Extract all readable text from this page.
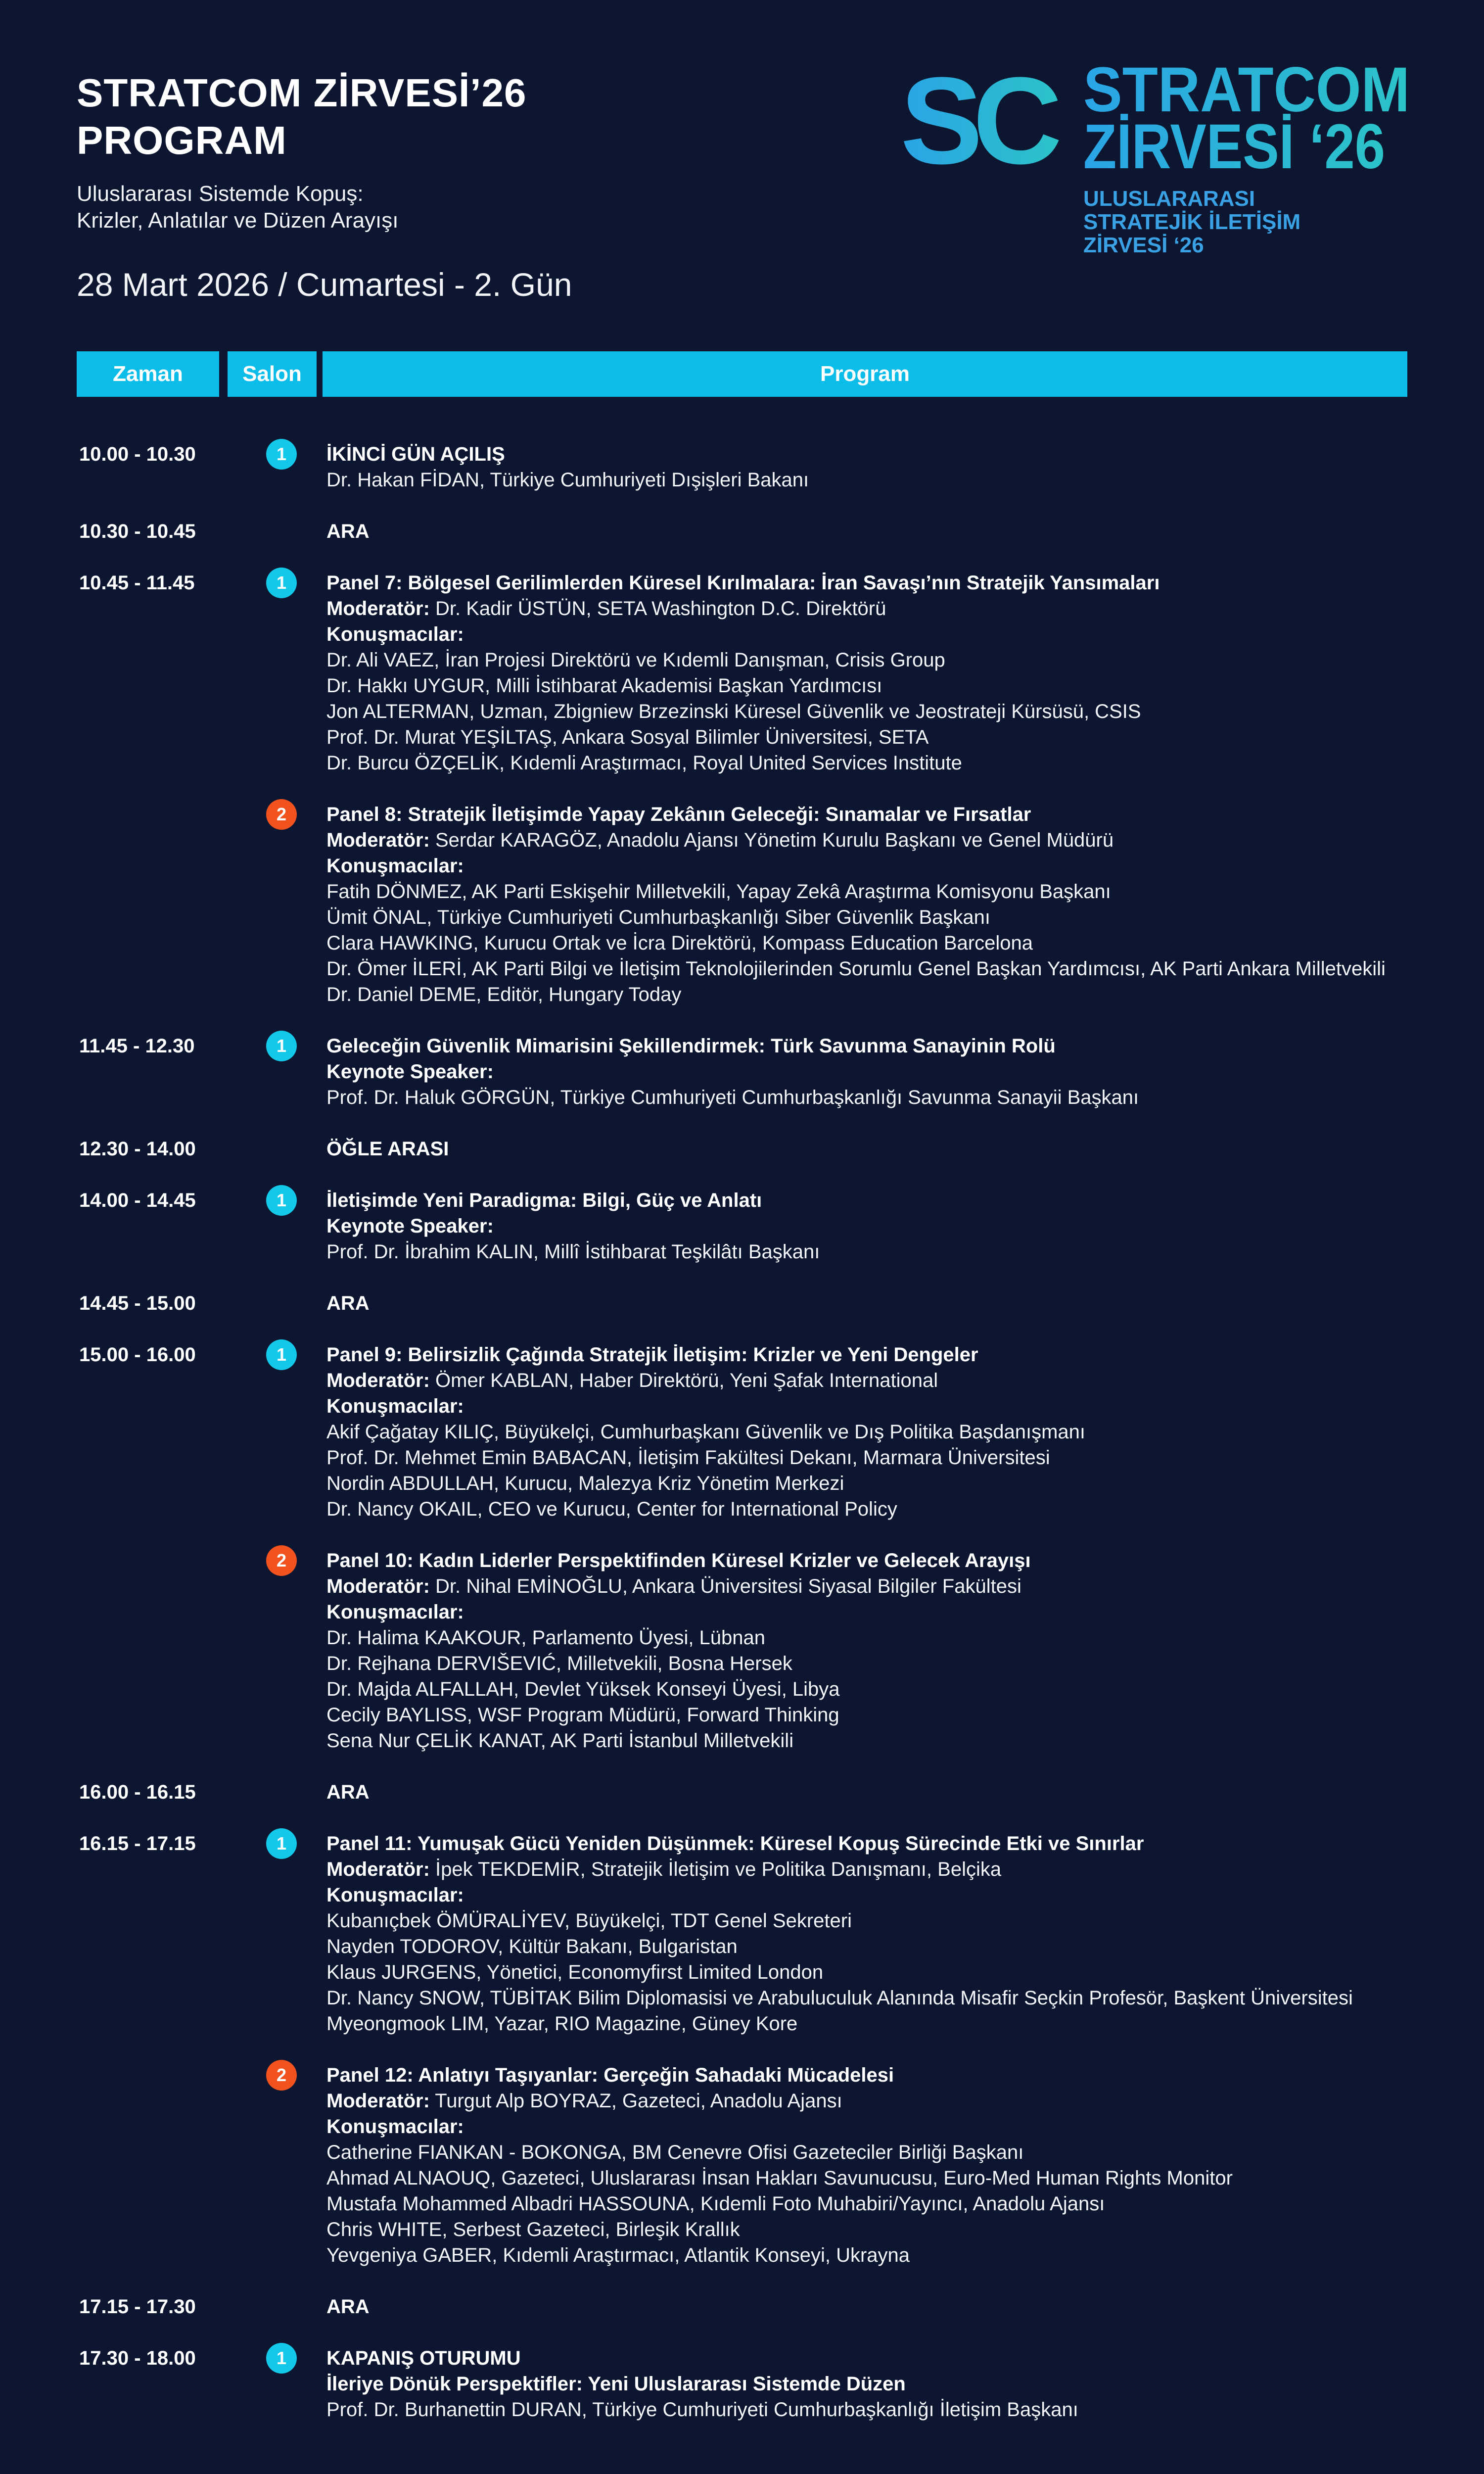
STRATCOM ZİRVESİ’26
PROGRAM
Uluslararası Sistemde Kopuş:
Krizler, Anlatılar ve Düzen Arayışı
28 Mart 2026 / Cumartesi - 2. Gün
SC STRATCOM
ZİRVESİ ‘26
ULUSLARARASI
STRATEJİK İLETİŞİM
ZİRVESİ ‘26
Zaman	Salon	Program
10.00 - 10.30	1	İKİNCİ GÜN AÇILIŞ
Dr. Hakan FİDAN, Türkiye Cumhuriyeti Dışişleri Bakanı
10.30 - 10.45	ARA
10.45 - 11.45	1	Panel 7: Bölgesel Gerilimlerden Küresel Kırılmalara: İran Savaşı’nın Stratejik Yansımaları
Moderatör: Dr. Kadir ÜSTÜN, SETA Washington D.C. Direktörü
Konuşmacılar:
Dr. Ali VAEZ, İran Projesi Direktörü ve Kıdemli Danışman, Crisis Group
Dr. Hakkı UYGUR, Milli İstihbarat Akademisi Başkan Yardımcısı
Jon ALTERMAN, Uzman, Zbigniew Brzezinski Küresel Güvenlik ve Jeostrateji Kürsüsü, CSIS
Prof. Dr. Murat YEŞİLTAŞ, Ankara Sosyal Bilimler Üniversitesi, SETA
Dr. Burcu ÖZÇELİK, Kıdemli Araştırmacı, Royal United Services Institute
2	Panel 8: Stratejik İletişimde Yapay Zekânın Geleceği: Sınamalar ve Fırsatlar
Moderatör: Serdar KARAGÖZ, Anadolu Ajansı Yönetim Kurulu Başkanı ve Genel Müdürü
Konuşmacılar:
Fatih DÖNMEZ, AK Parti Eskişehir Milletvekili, Yapay Zekâ Araştırma Komisyonu Başkanı
Ümit ÖNAL, Türkiye Cumhuriyeti Cumhurbaşkanlığı Siber Güvenlik Başkanı
Clara HAWKING, Kurucu Ortak ve İcra Direktörü, Kompass Education Barcelona
Dr. Ömer İLERİ, AK Parti Bilgi ve İletişim Teknolojilerinden Sorumlu Genel Başkan Yardımcısı, AK Parti Ankara Milletvekili
Dr. Daniel DEME, Editör, Hungary Today
11.45 - 12.30	1	Geleceğin Güvenlik Mimarisini Şekillendirmek: Türk Savunma Sanayinin Rolü
Keynote Speaker:
Prof. Dr. Haluk GÖRGÜN, Türkiye Cumhuriyeti Cumhurbaşkanlığı Savunma Sanayii Başkanı
12.30 - 14.00	ÖĞLE ARASI
14.00 - 14.45	1	İletişimde Yeni Paradigma: Bilgi, Güç ve Anlatı
Keynote Speaker:
Prof. Dr. İbrahim KALIN, Millî İstihbarat Teşkilâtı Başkanı
14.45 - 15.00	ARA
15.00 - 16.00	1	Panel 9: Belirsizlik Çağında Stratejik İletişim: Krizler ve Yeni Dengeler
Moderatör: Ömer KABLAN, Haber Direktörü, Yeni Şafak International
Konuşmacılar:
Akif Çağatay KILIÇ, Büyükelçi, Cumhurbaşkanı Güvenlik ve Dış Politika Başdanışmanı
Prof. Dr. Mehmet Emin BABACAN, İletişim Fakültesi Dekanı, Marmara Üniversitesi
Nordin ABDULLAH, Kurucu, Malezya Kriz Yönetim Merkezi
Dr. Nancy OKAIL, CEO ve Kurucu, Center for International Policy
2	Panel 10: Kadın Liderler Perspektifinden Küresel Krizler ve Gelecek Arayışı
Moderatör: Dr. Nihal EMİNOĞLU, Ankara Üniversitesi Siyasal Bilgiler Fakültesi
Konuşmacılar:
Dr. Halima KAAKOUR, Parlamento Üyesi, Lübnan
Dr. Rejhana DERVIŠEVIĆ, Milletvekili, Bosna Hersek
Dr. Majda ALFALLAH, Devlet Yüksek Konseyi Üyesi, Libya
Cecily BAYLISS, WSF Program Müdürü, Forward Thinking
Sena Nur ÇELİK KANAT, AK Parti İstanbul Milletvekili
16.00 - 16.15	ARA
16.15 - 17.15	1	Panel 11: Yumuşak Gücü Yeniden Düşünmek: Küresel Kopuş Sürecinde Etki ve Sınırlar
Moderatör: İpek TEKDEMİR, Stratejik İletişim ve Politika Danışmanı, Belçika
Konuşmacılar:
Kubanıçbek ÖMÜRALİYEV, Büyükelçi, TDT Genel Sekreteri
Nayden TODOROV, Kültür Bakanı, Bulgaristan
Klaus JURGENS, Yönetici, Economyfirst Limited London
Dr. Nancy SNOW, TÜBİTAK Bilim Diplomasisi ve Arabuluculuk Alanında Misafir Seçkin Profesör, Başkent Üniversitesi
Myeongmook LIM, Yazar, RIO Magazine, Güney Kore
2	Panel 12: Anlatıyı Taşıyanlar: Gerçeğin Sahadaki Mücadelesi
Moderatör: Turgut Alp BOYRAZ, Gazeteci, Anadolu Ajansı
Konuşmacılar:
Catherine FIANKAN - BOKONGA, BM Cenevre Ofisi Gazeteciler Birliği Başkanı
Ahmad ALNAOUQ, Gazeteci, Uluslararası İnsan Hakları Savunucusu, Euro-Med Human Rights Monitor
Mustafa Mohammed Albadri HASSOUNA, Kıdemli Foto Muhabiri/Yayıncı, Anadolu Ajansı
Chris WHITE, Serbest Gazeteci, Birleşik Krallık
Yevgeniya GABER, Kıdemli Araştırmacı, Atlantik Konseyi, Ukrayna
17.15 - 17.30	ARA
17.30 - 18.00	1	KAPANIŞ OTURUMU
İleriye Dönük Perspektifler: Yeni Uluslararası Sistemde Düzen
Prof. Dr. Burhanettin DURAN, Türkiye Cumhuriyeti Cumhurbaşkanlığı İletişim Başkanı
